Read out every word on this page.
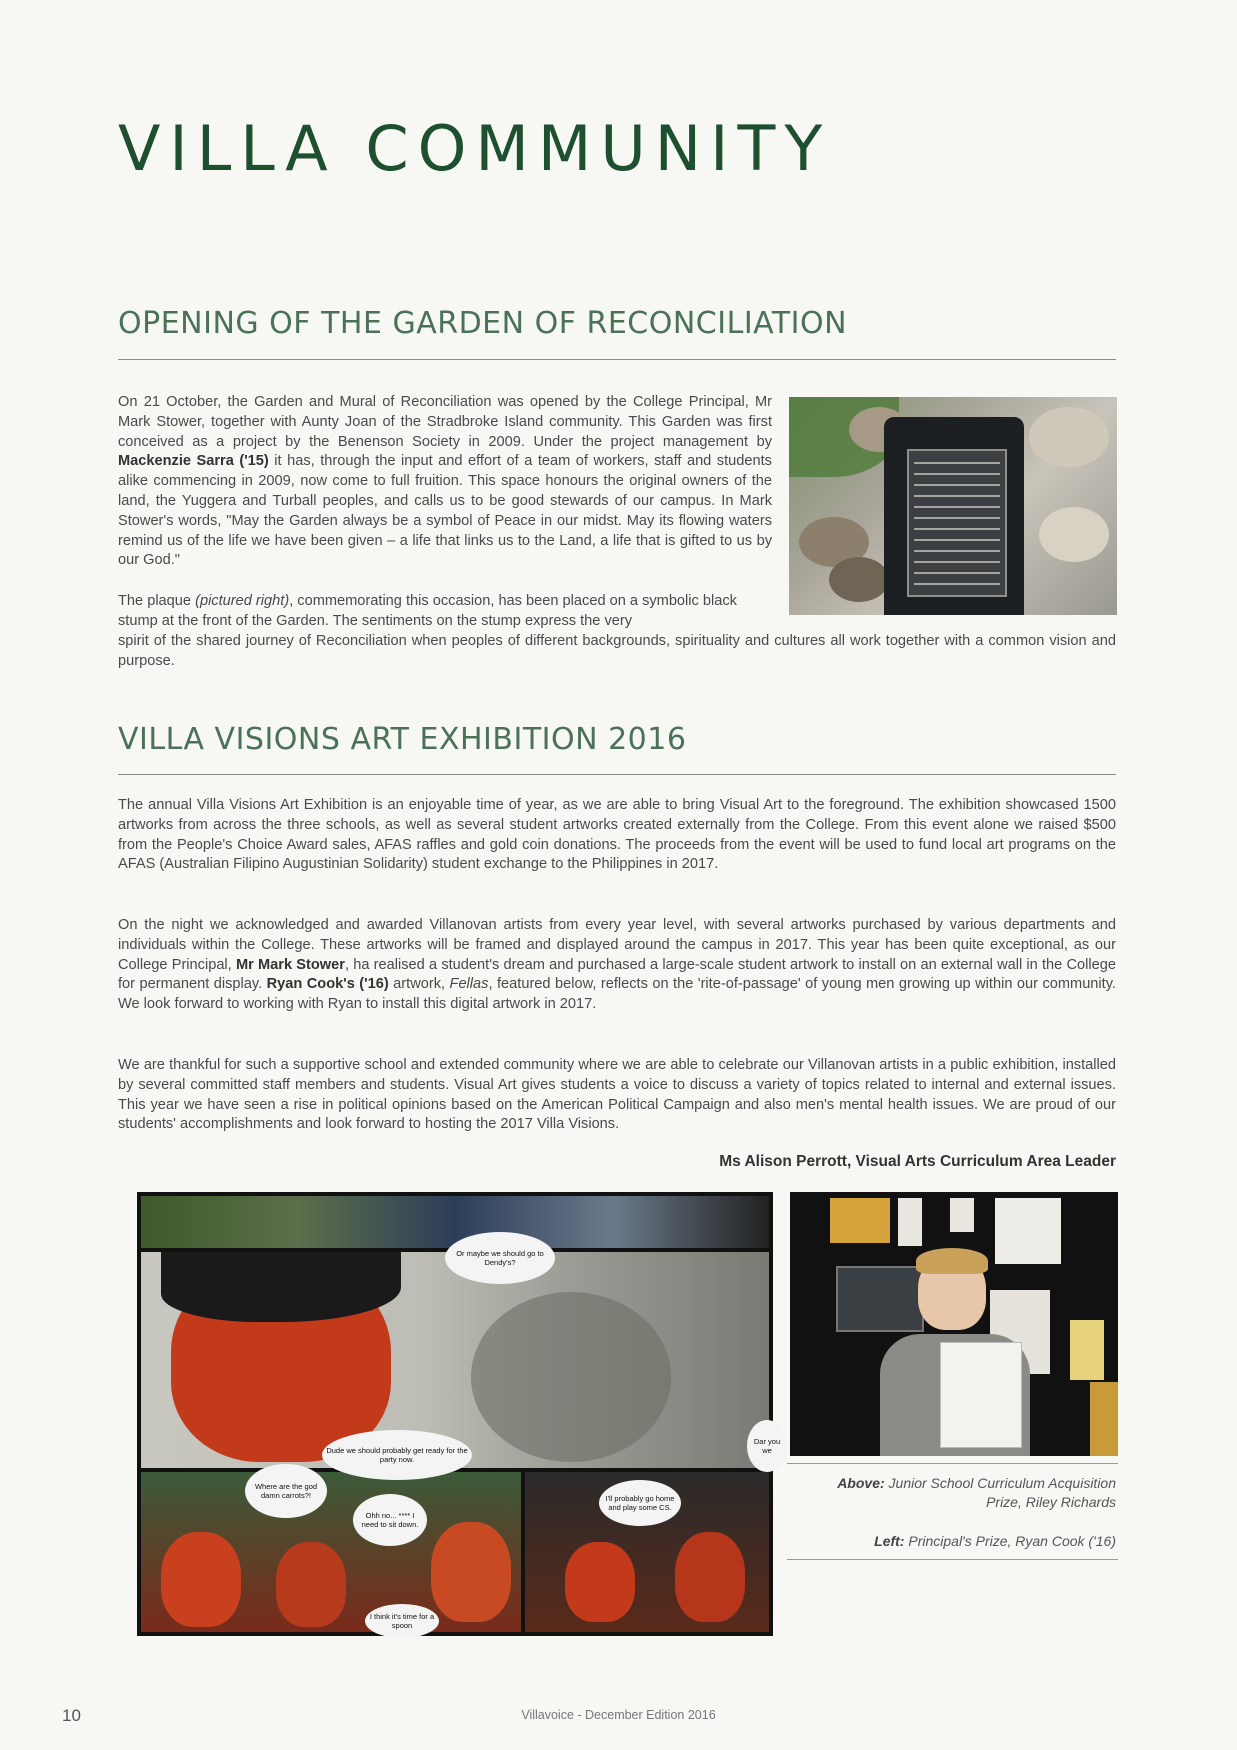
VILLA COMMUNITY
OPENING OF THE GARDEN OF RECONCILIATION

On 21 October, the Garden and Mural of Reconciliation was opened by the College Principal, Mr Mark Stower, together with Aunty Joan of the Stradbroke Island community. This Garden was first conceived as a project by the Benenson Society in 2009. Under the project management by Mackenzie Sarra ('15) it has, through the input and effort of a team of workers, staff and students alike commencing in 2009, now come to full fruition. This space honours the original owners of the land, the Yuggera and Turball peoples, and calls us to be good stewards of our campus. In Mark Stower's words, "May the Garden always be a symbol of Peace in our midst. May its flowing waters remind us of the life we have been given – a life that links us to the Land, a life that is gifted to us by our God."

The plaque (pictured right), commemorating this occasion, has been placed on a symbolic black stump at the front of the Garden. The sentiments on the stump express the very

spirit of the shared journey of Reconciliation when peoples of different backgrounds, spirituality and cultures all work together with a common vision and purpose.

VILLA VISIONS ART EXHIBITION 2016

The annual Villa Visions Art Exhibition is an enjoyable time of year, as we are able to bring Visual Art to the foreground. The exhibition showcased 1500 artworks from across the three schools, as well as several student artworks created externally from the College. From this event alone we raised $500 from the People's Choice Award sales, AFAS raffles and gold coin donations. The proceeds from the event will be used to fund local art programs on the AFAS (Australian Filipino Augustinian Solidarity) student exchange to the Philippines in 2017.

On the night we acknowledged and awarded Villanovan artists from every year level, with several artworks purchased by various departments and individuals within the College. These artworks will be framed and displayed around the campus in 2017. This year has been quite exceptional, as our College Principal, Mr Mark Stower, ha realised a student's dream and purchased a large-scale student artwork to install on an external wall in the College for permanent display. Ryan Cook's ('16) artwork, Fellas, featured below, reflects on the 'rite-of-passage' of young men growing up within our community. We look forward to working with Ryan to install this digital artwork in 2017.

We are thankful for such a supportive school and extended community where we are able to celebrate our Villanovan artists in a public exhibition, installed by several committed staff members and students. Visual Art gives students a voice to discuss a variety of topics related to internal and external issues. This year we have seen a rise in political opinions based on the American Political Campaign and also men's mental health issues. We are proud of our students' accomplishments and look forward to hosting the 2017 Villa Visions.

Ms Alison Perrott, Visual Arts Curriculum Area Leader

Or maybe we should go to Dendy's?
Dude we should probably get ready for the party now.
Where are the god damn carrots?!
Ohh no... **** I need to sit down.
I'll probably go home and play some CS.
I think it's time for a spoon
Dar you we

Above: Junior School Curriculum Acquisition Prize, Riley Richards

Left: Principal's Prize, Ryan Cook ('16)

10	Villavoice - December Edition 2016
